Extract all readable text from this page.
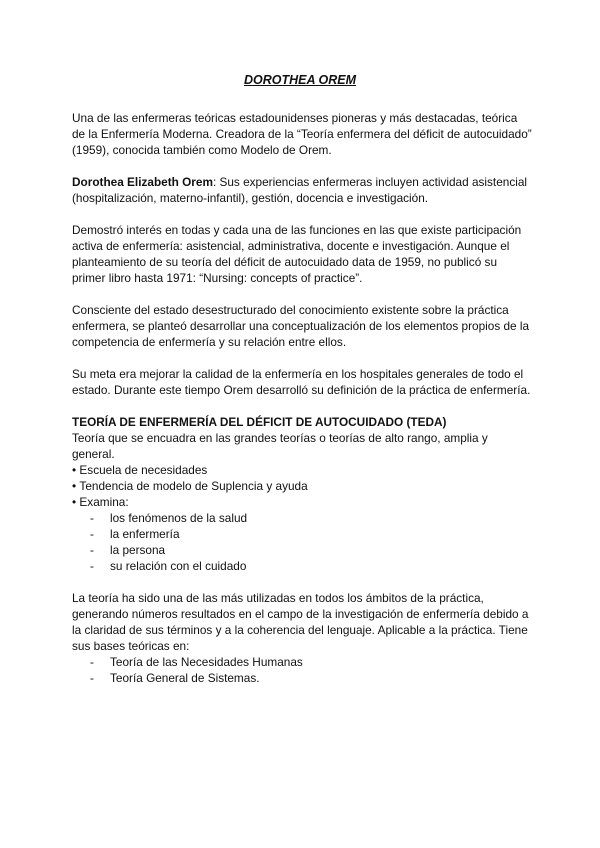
DOROTHEA OREM

Una de las enfermeras teóricas estadounidenses pioneras y más destacadas, teórica de la Enfermería Moderna. Creadora de la “Teoría enfermera del déficit de autocuidado” (1959), conocida también como Modelo de Orem.

Dorothea Elizabeth Orem: Sus experiencias enfermeras incluyen actividad asistencial (hospitalización, materno-infantil), gestión, docencia e investigación.

Demostró interés en todas y cada una de las funciones en las que existe participación activa de enfermería: asistencial, administrativa, docente e investigación. Aunque el planteamiento de su teoría del déficit de autocuidado data de 1959, no publicó su primer libro hasta 1971: “Nursing: concepts of practice”.

Consciente del estado desestructurado del conocimiento existente sobre la práctica enfermera, se planteó desarrollar una conceptualización de los elementos propios de la competencia de enfermería y su relación entre ellos.

Su meta era mejorar la calidad de la enfermería en los hospitales generales de todo el estado. Durante este tiempo Orem desarrolló su definición de la práctica de enfermería.

TEORÍA DE ENFERMERÍA DEL DÉFICIT DE AUTOCUIDADO (TEDA)

Teoría que se encuadra en las grandes teorías o teorías de alto rango, amplia y general.

• Escuela de necesidades
• Tendencia de modelo de Suplencia y ayuda
• Examina:
- los fenómenos de la salud
- la enfermería
- la persona
- su relación con el cuidado

La teoría ha sido una de las más utilizadas en todos los ámbitos de la práctica, generando números resultados en el campo de la investigación de enfermería debido a la claridad de sus términos y a la coherencia del lenguaje. Aplicable a la práctica. Tiene sus bases teóricas en:

- Teoría de las Necesidades Humanas
- Teoría General de Sistemas.
